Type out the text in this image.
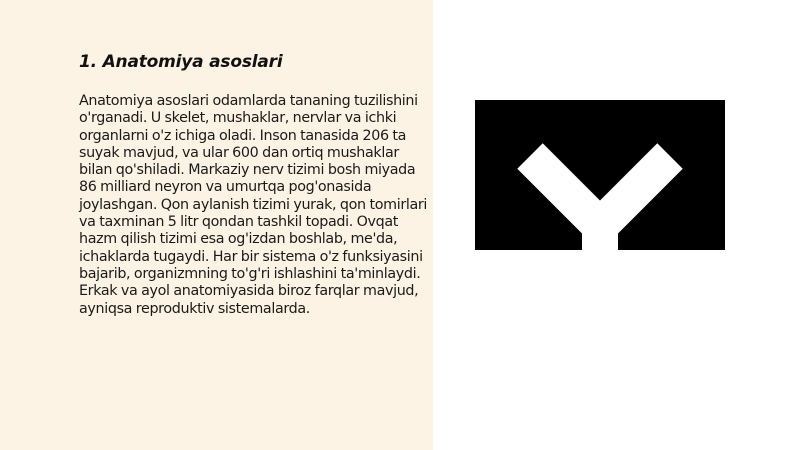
1. Anatomiya asoslari

Anatomiya asoslari odamlarda tananing tuzilishini o'rganadi. U skelet, mushaklar, nervlar va ichki organlarni o'z ichiga oladi. Inson tanasida 206 ta suyak mavjud, va ular 600 dan ortiq mushaklar bilan qo'shiladi. Markaziy nerv tizimi bosh miyada 86 milliard neyron va umurtqa pog'onasida joylashgan. Qon aylanish tizimi yurak, qon tomirlari va taxminan 5 litr qondan tashkil topadi. Ovqat hazm qilish tizimi esa og'izdan boshlab, me'da, ichaklarda tugaydi. Har bir sistema o'z funksiyasini bajarib, organizmning to'g'ri ishlashini ta'minlaydi. Erkak va ayol anatomiyasida biroz farqlar mavjud, ayniqsa reproduktiv sistemalarda.
